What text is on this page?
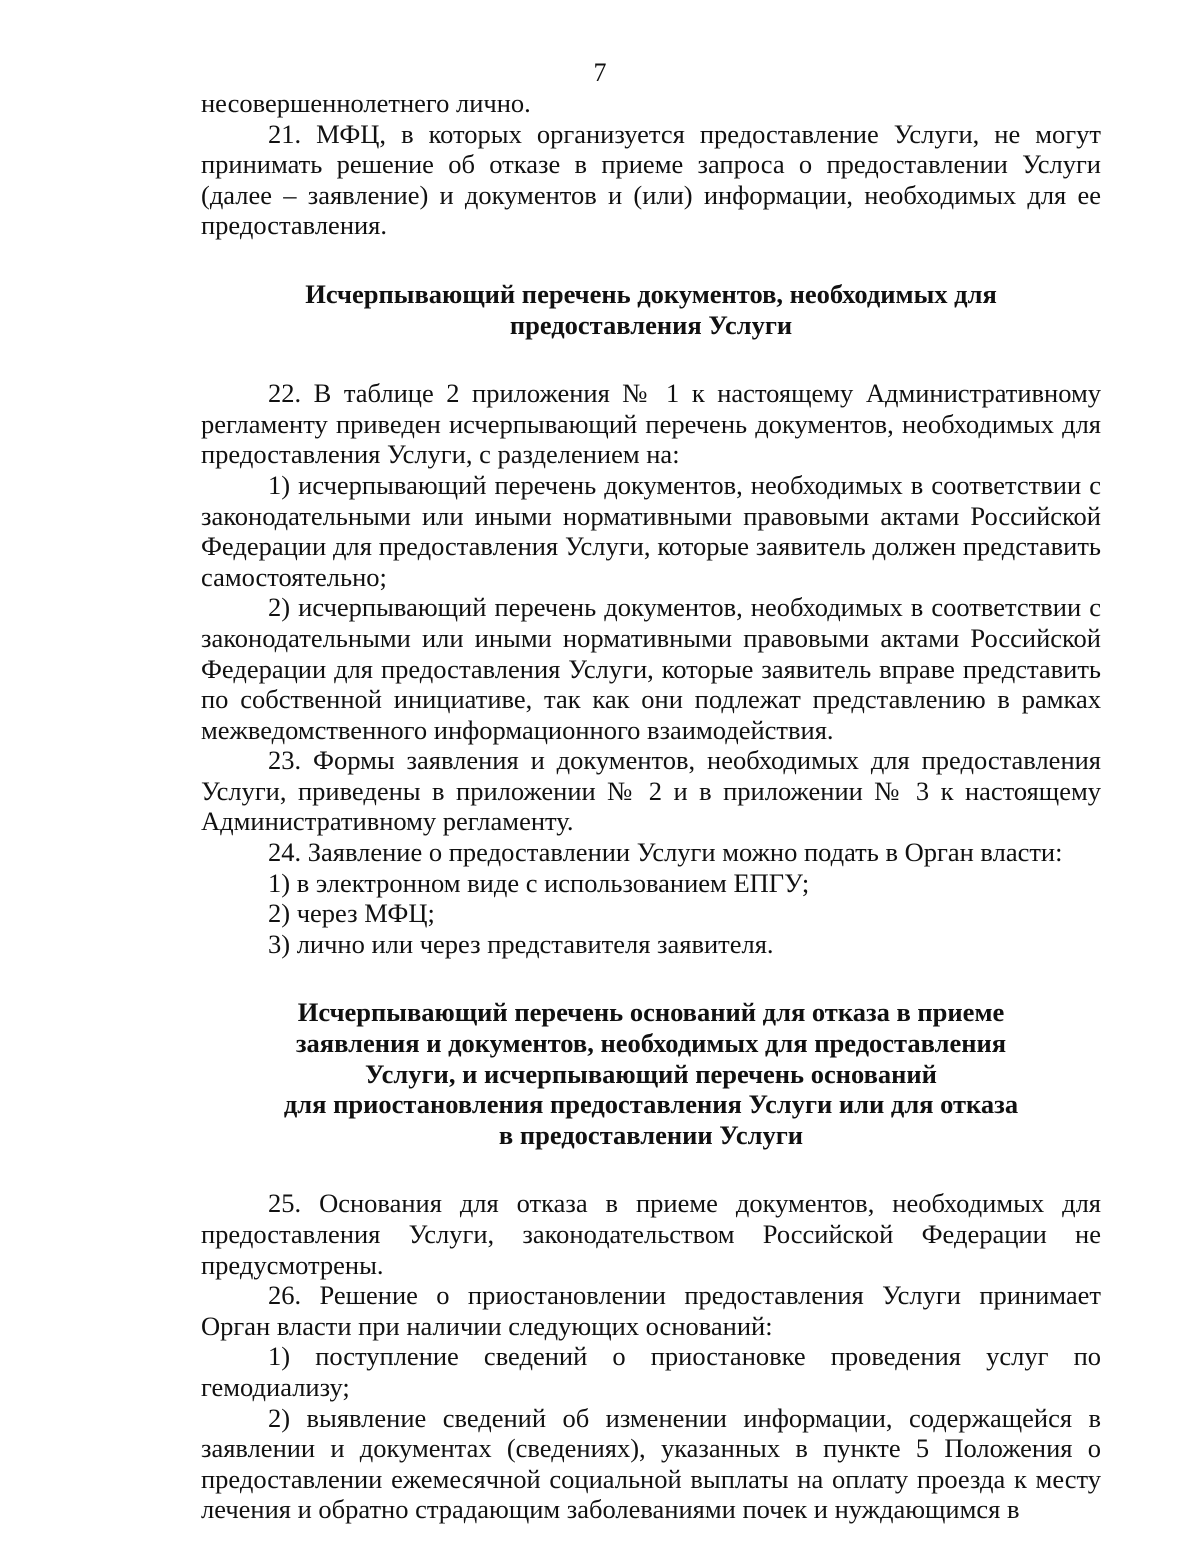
7

несовершеннолетнего лично.

21. МФЦ, в которых организуется предоставление Услуги, не могут принимать решение об отказе в приеме запроса о предоставлении Услуги (далее – заявление) и документов и (или) информации, необходимых для ее предоставления.

Исчерпывающий перечень документов, необходимых для
предоставления Услуги

22. В таблице 2 приложения № 1 к настоящему Административному регламенту приведен исчерпывающий перечень документов, необходимых для предоставления Услуги, с разделением на:

1) исчерпывающий перечень документов, необходимых в соответствии с законодательными или иными нормативными правовыми актами Российской Федерации для предоставления Услуги, которые заявитель должен представить самостоятельно;

2) исчерпывающий перечень документов, необходимых в соответствии с законодательными или иными нормативными правовыми актами Российской Федерации для предоставления Услуги, которые заявитель вправе представить по собственной инициативе, так как они подлежат представлению в рамках межведомственного информационного взаимодействия.

23. Формы заявления и документов, необходимых для предоставления Услуги, приведены в приложении № 2 и в приложении № 3 к настоящему Административному регламенту.

24. Заявление о предоставлении Услуги можно подать в Орган власти:

1) в электронном виде с использованием ЕПГУ;

2) через МФЦ;

3) лично или через представителя заявителя.

Исчерпывающий перечень оснований для отказа в приеме
заявления и документов, необходимых для предоставления
Услуги, и исчерпывающий перечень оснований
для приостановления предоставления Услуги или для отказа
в предоставлении Услуги

25. Основания для отказа в приеме документов, необходимых для предоставления Услуги, законодательством Российской Федерации не предусмотрены.

26. Решение о приостановлении предоставления Услуги принимает Орган власти при наличии следующих оснований:

1) поступление сведений о приостановке проведения услуг по гемодиализу;

2) выявление сведений об изменении информации, содержащейся в заявлении и документах (сведениях), указанных в пункте 5 Положения о предоставлении ежемесячной социальной выплаты на оплату проезда к месту лечения и обратно страдающим заболеваниями почек и нуждающимся в
